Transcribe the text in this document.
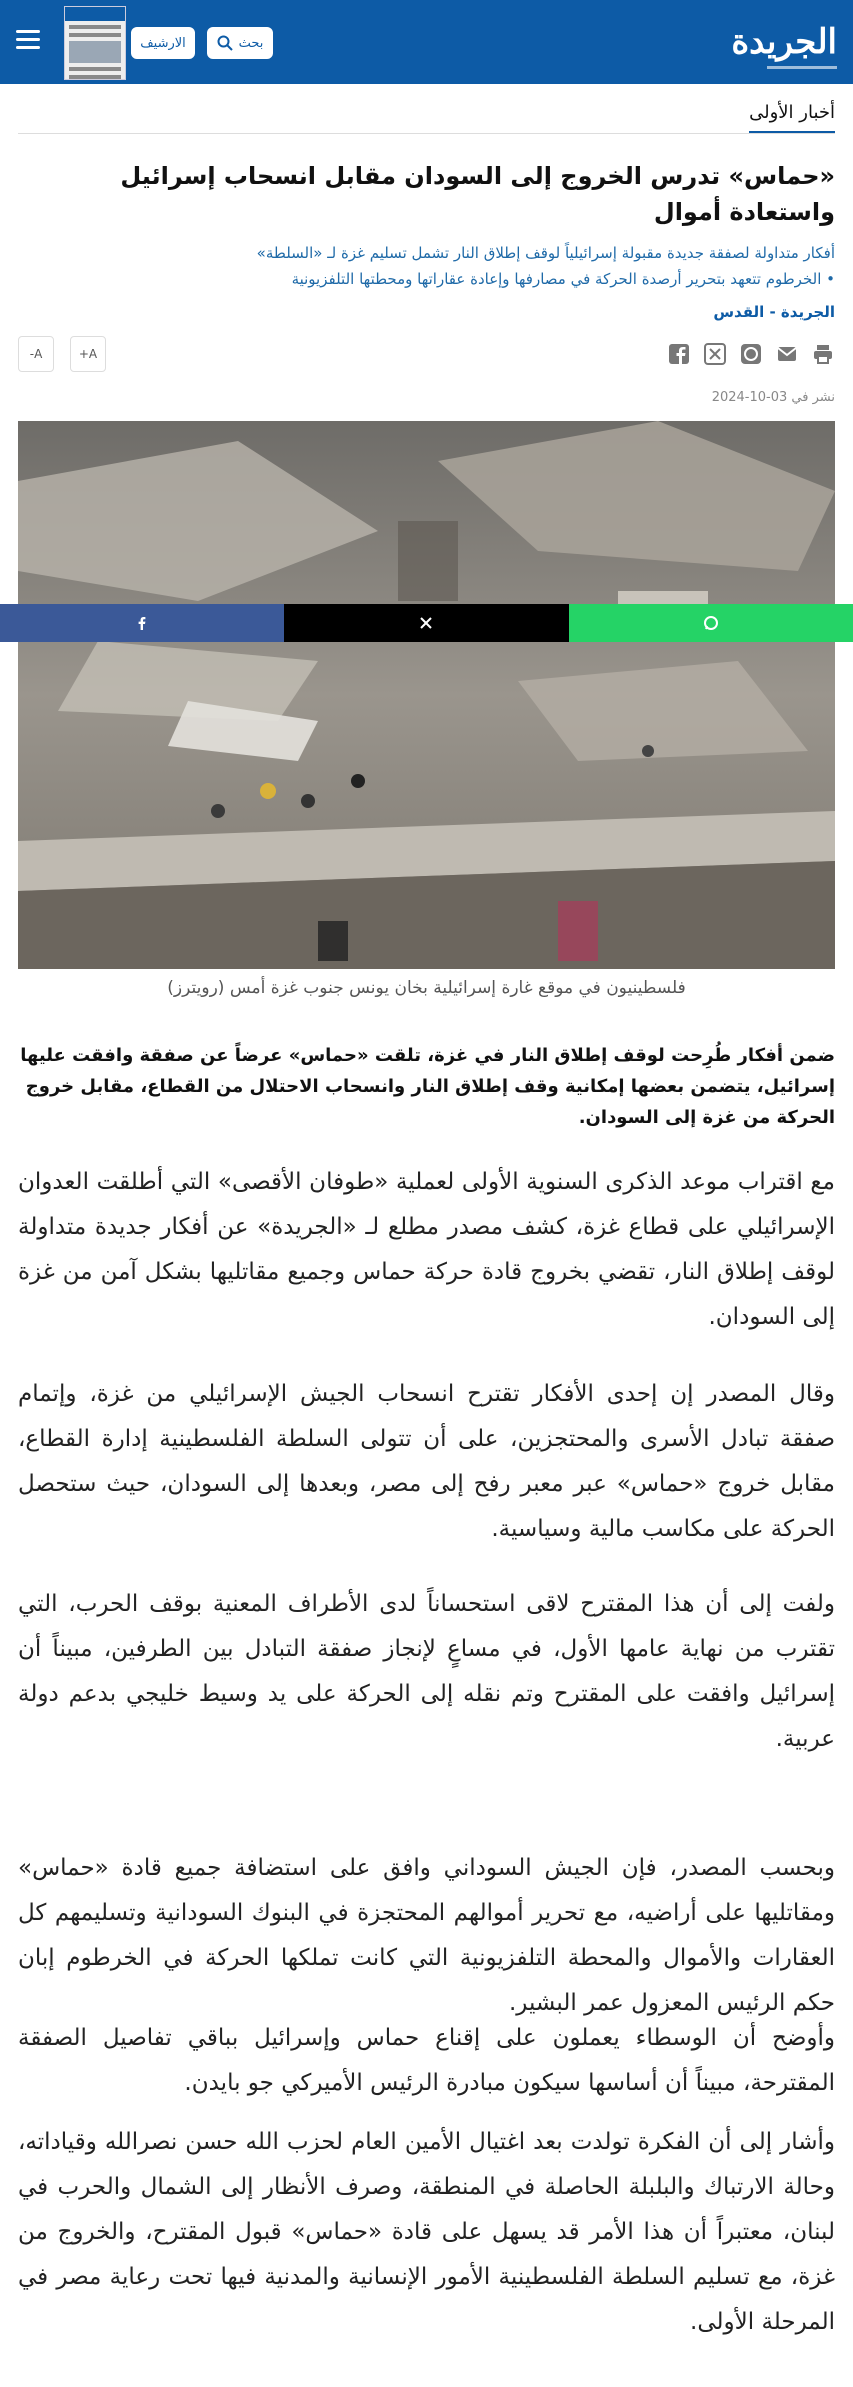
الجريدة
بحث
الارشيف
أخبار الأولى
«حماس» تدرس الخروج إلى السودان مقابل انسحاب إسرائيل واستعادة أموال
أفكار متداولة لصفقة جديدة مقبولة إسرائيلياً لوقف إطلاق النار تشمل تسليم غزة لـ «السلطة»
• الخرطوم تتعهد بتحرير أرصدة الحركة في مصارفها وإعادة عقاراتها ومحطتها التلفزيونية
الجريدة - القدس
A+
A-
نشر في 03-10-2024
فلسطينيون في موقع غارة إسرائيلية بخان يونس جنوب غزة أمس (رويترز)

ضمن أفكار طُرِحت لوقف إطلاق النار في غزة، تلقت «حماس» عرضاً عن صفقة وافقت عليها إسرائيل، يتضمن بعضها إمكانية وقف إطلاق النار وانسحاب الاحتلال من القطاع، مقابل خروج الحركة من غزة إلى السودان.

مع اقتراب موعد الذكرى السنوية الأولى لعملية «طوفان الأقصى» التي أطلقت العدوان الإسرائيلي على قطاع غزة، كشف مصدر مطلع لـ «الجريدة» عن أفكار جديدة متداولة لوقف إطلاق النار، تقضي بخروج قادة حركة حماس وجميع مقاتليها بشكل آمن من غزة إلى السودان.

وقال المصدر إن إحدى الأفكار تقترح انسحاب الجيش الإسرائيلي من غزة، وإتمام صفقة تبادل الأسرى والمحتجزين، على أن تتولى السلطة الفلسطينية إدارة القطاع، مقابل خروج «حماس» عبر معبر رفح إلى مصر، وبعدها إلى السودان، حيث ستحصل الحركة على مكاسب مالية وسياسية.

ولفت إلى أن هذا المقترح لاقى استحساناً لدى الأطراف المعنية بوقف الحرب، التي تقترب من نهاية عامها الأول، في مساعٍ لإنجاز صفقة التبادل بين الطرفين، مبيناً أن إسرائيل وافقت على المقترح وتم نقله إلى الحركة على يد وسيط خليجي بدعم دولة عربية.

وبحسب المصدر، فإن الجيش السوداني وافق على استضافة جميع قادة «حماس» ومقاتليها على أراضيه، مع تحرير أموالهم المحتجزة في البنوك السودانية وتسليمهم كل العقارات والأموال والمحطة التلفزيونية التي كانت تملكها الحركة في الخرطوم إبان حكم الرئيس المعزول عمر البشير.

وأوضح أن الوسطاء يعملون على إقناع حماس وإسرائيل بباقي تفاصيل الصفقة المقترحة، مبيناً أن أساسها سيكون مبادرة الرئيس الأميركي جو بايدن.

وأشار إلى أن الفكرة تولدت بعد اغتيال الأمين العام لحزب الله حسن نصرالله وقياداته، وحالة الارتباك والبلبلة الحاصلة في المنطقة، وصرف الأنظار إلى الشمال والحرب في لبنان، معتبراً أن هذا الأمر قد يسهل على قادة «حماس» قبول المقترح، والخروج من غزة، مع تسليم السلطة الفلسطينية الأمور الإنسانية والمدنية فيها تحت رعاية مصر في المرحلة الأولى.
